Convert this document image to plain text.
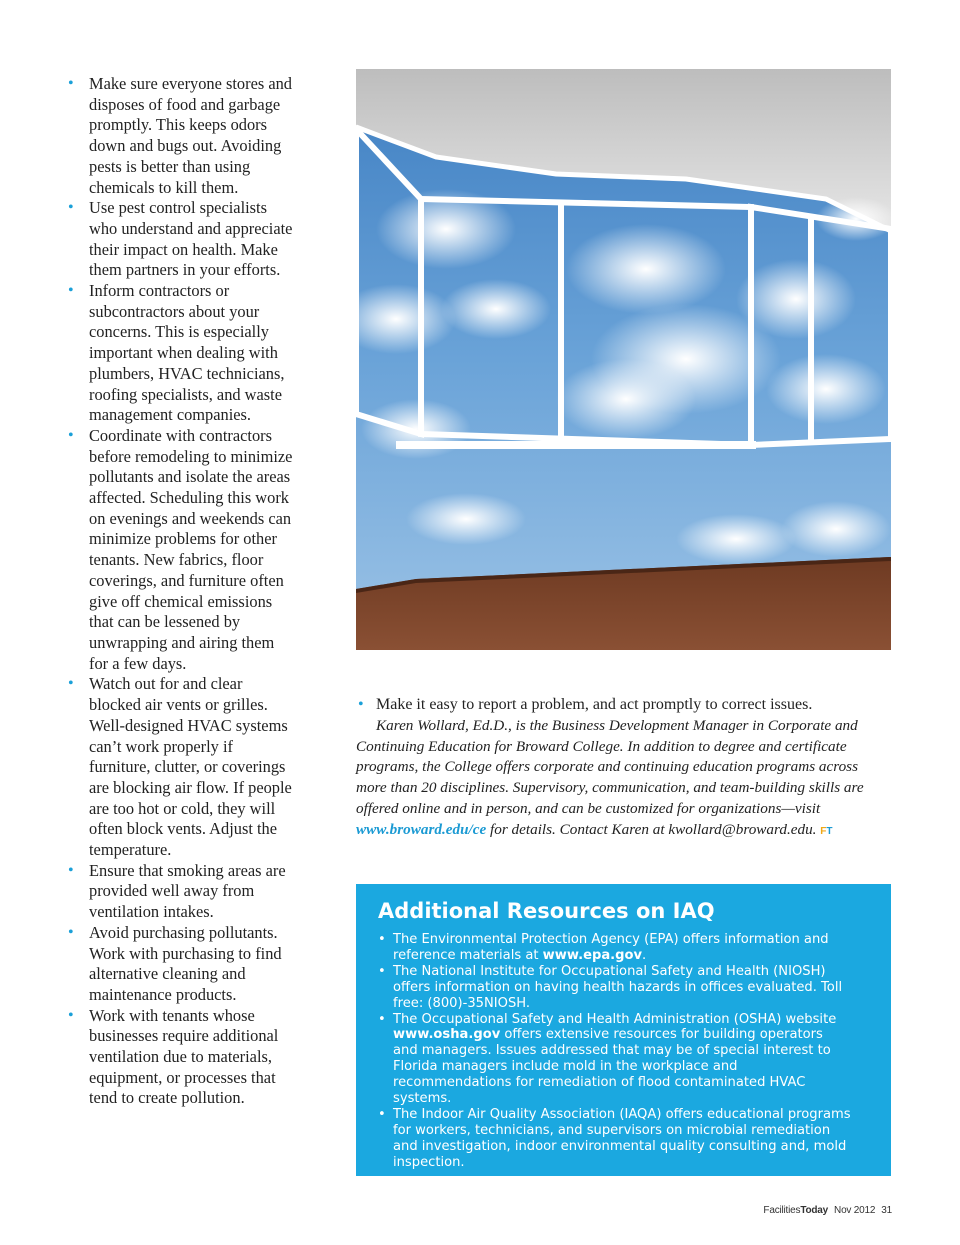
• Make sure everyone stores and disposes of food and garbage promptly. This keeps odors down and bugs out. Avoiding pests is better than using chemicals to kill them.
• Use pest control specialists who understand and appreciate their impact on health. Make them partners in your efforts.
• Inform contractors or subcontractors about your concerns. This is especially important when dealing with plumbers, HVAC technicians, roofing specialists, and waste management companies.
• Coordinate with contractors before remodeling to minimize pollutants and isolate the areas affected. Scheduling this work on evenings and weekends can minimize problems for other tenants. New fabrics, floor coverings, and furniture often give off chemical emissions that can be lessened by unwrapping and airing them for a few days.
• Watch out for and clear blocked air vents or grilles. Well-designed HVAC systems can’t work properly if furniture, clutter, or coverings are blocking air flow. If people are too hot or cold, they will often block vents. Adjust the temperature.
• Ensure that smoking areas are provided well away from ventilation intakes.
• Avoid purchasing pollutants. Work with purchasing to find alternative cleaning and maintenance products.
• Work with tenants whose businesses require additional ventilation due to materials, equipment, or processes that tend to create pollution.
• Make it easy to report a problem, and act promptly to correct issues.
Karen Wollard, Ed.D., is the Business Development Manager in Corporate and Continuing Education for Broward College. In addition to degree and certificate programs, the College offers corporate and continuing education programs across more than 20 disciplines. Supervisory, communication, and team-building skills are offered online and in person, and can be customized for organizations—visit www.broward.edu/ce for details. Contact Karen at kwollard@broward.edu. FT
Additional Resources on IAQ
• The Environmental Protection Agency (EPA) offers information and reference materials at www.epa.gov.
• The National Institute for Occupational Safety and Health (NIOSH) offers information on having health hazards in offices evaluated. Toll free: (800)-35NIOSH.
• The Occupational Safety and Health Administration (OSHA) website www.osha.gov offers extensive resources for building operators and managers. Issues addressed that may be of special interest to Florida managers include mold in the workplace and recommendations for remediation of flood contaminated HVAC systems.
• The Indoor Air Quality Association (IAQA) offers educational programs for workers, technicians, and supervisors on microbial remediation and investigation, indoor environmental quality consulting and, mold inspection.
FacilitiesToday Nov 2012 31
